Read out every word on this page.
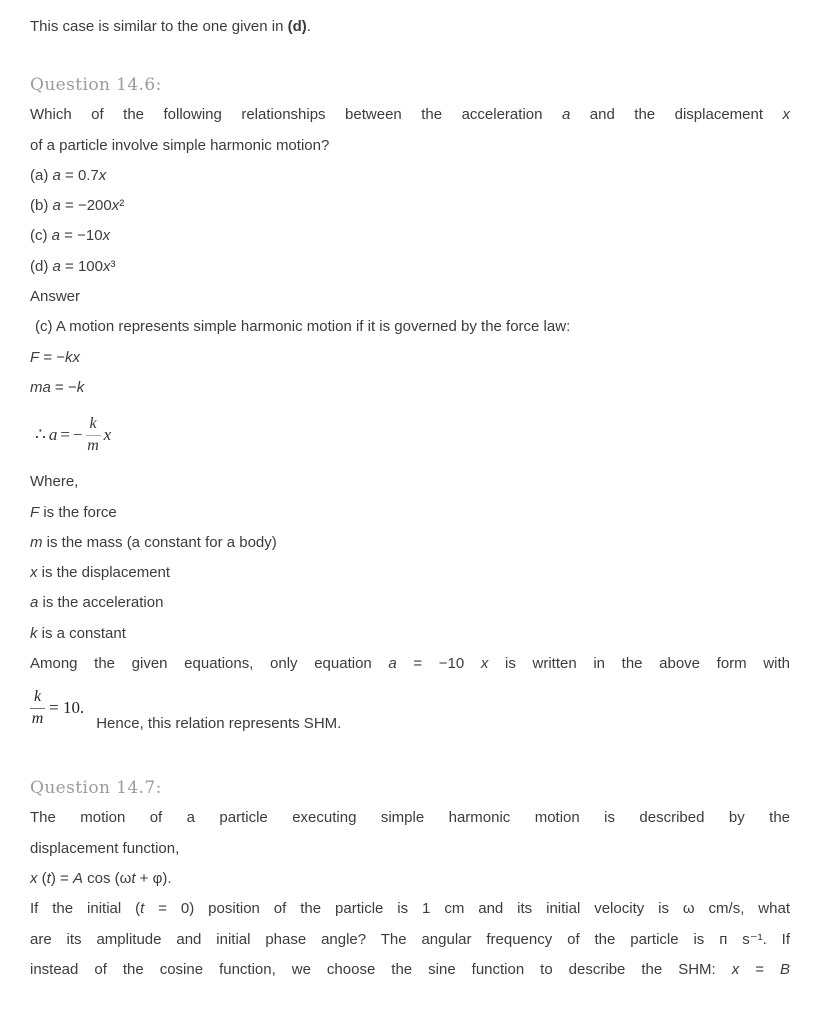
This case is similar to the one given in (d).
Question 14.6:
Which of the following relationships between the acceleration a and the displacement x
of a particle involve simple harmonic motion?
(a) a = 0.7x
(b) a = −200x²
(c) a = −10x
(d) a = 100x³
Answer
(c) A motion represents simple harmonic motion if it is governed by the force law:
F = −kx
ma = −k
∴ a = − $\frac{k}{m}$ x
Where,
F is the force
m is the mass (a constant for a body)
x is the displacement
a is the acceleration
k is a constant
Among the given equations, only equation a = −10 x is written in the above form with
$\frac{k}{m} = 10$.
Hence, this relation represents SHM.
Question 14.7:
The motion of a particle executing simple harmonic motion is described by the
displacement function,
x (t) = A cos (ωt + φ).
If the initial (t = 0) position of the particle is 1 cm and its initial velocity is ω cm/s, what
are its amplitude and initial phase angle? The angular frequency of the particle is п s⁻¹. If
instead of the cosine function, we choose the sine function to describe the SHM: x = B
